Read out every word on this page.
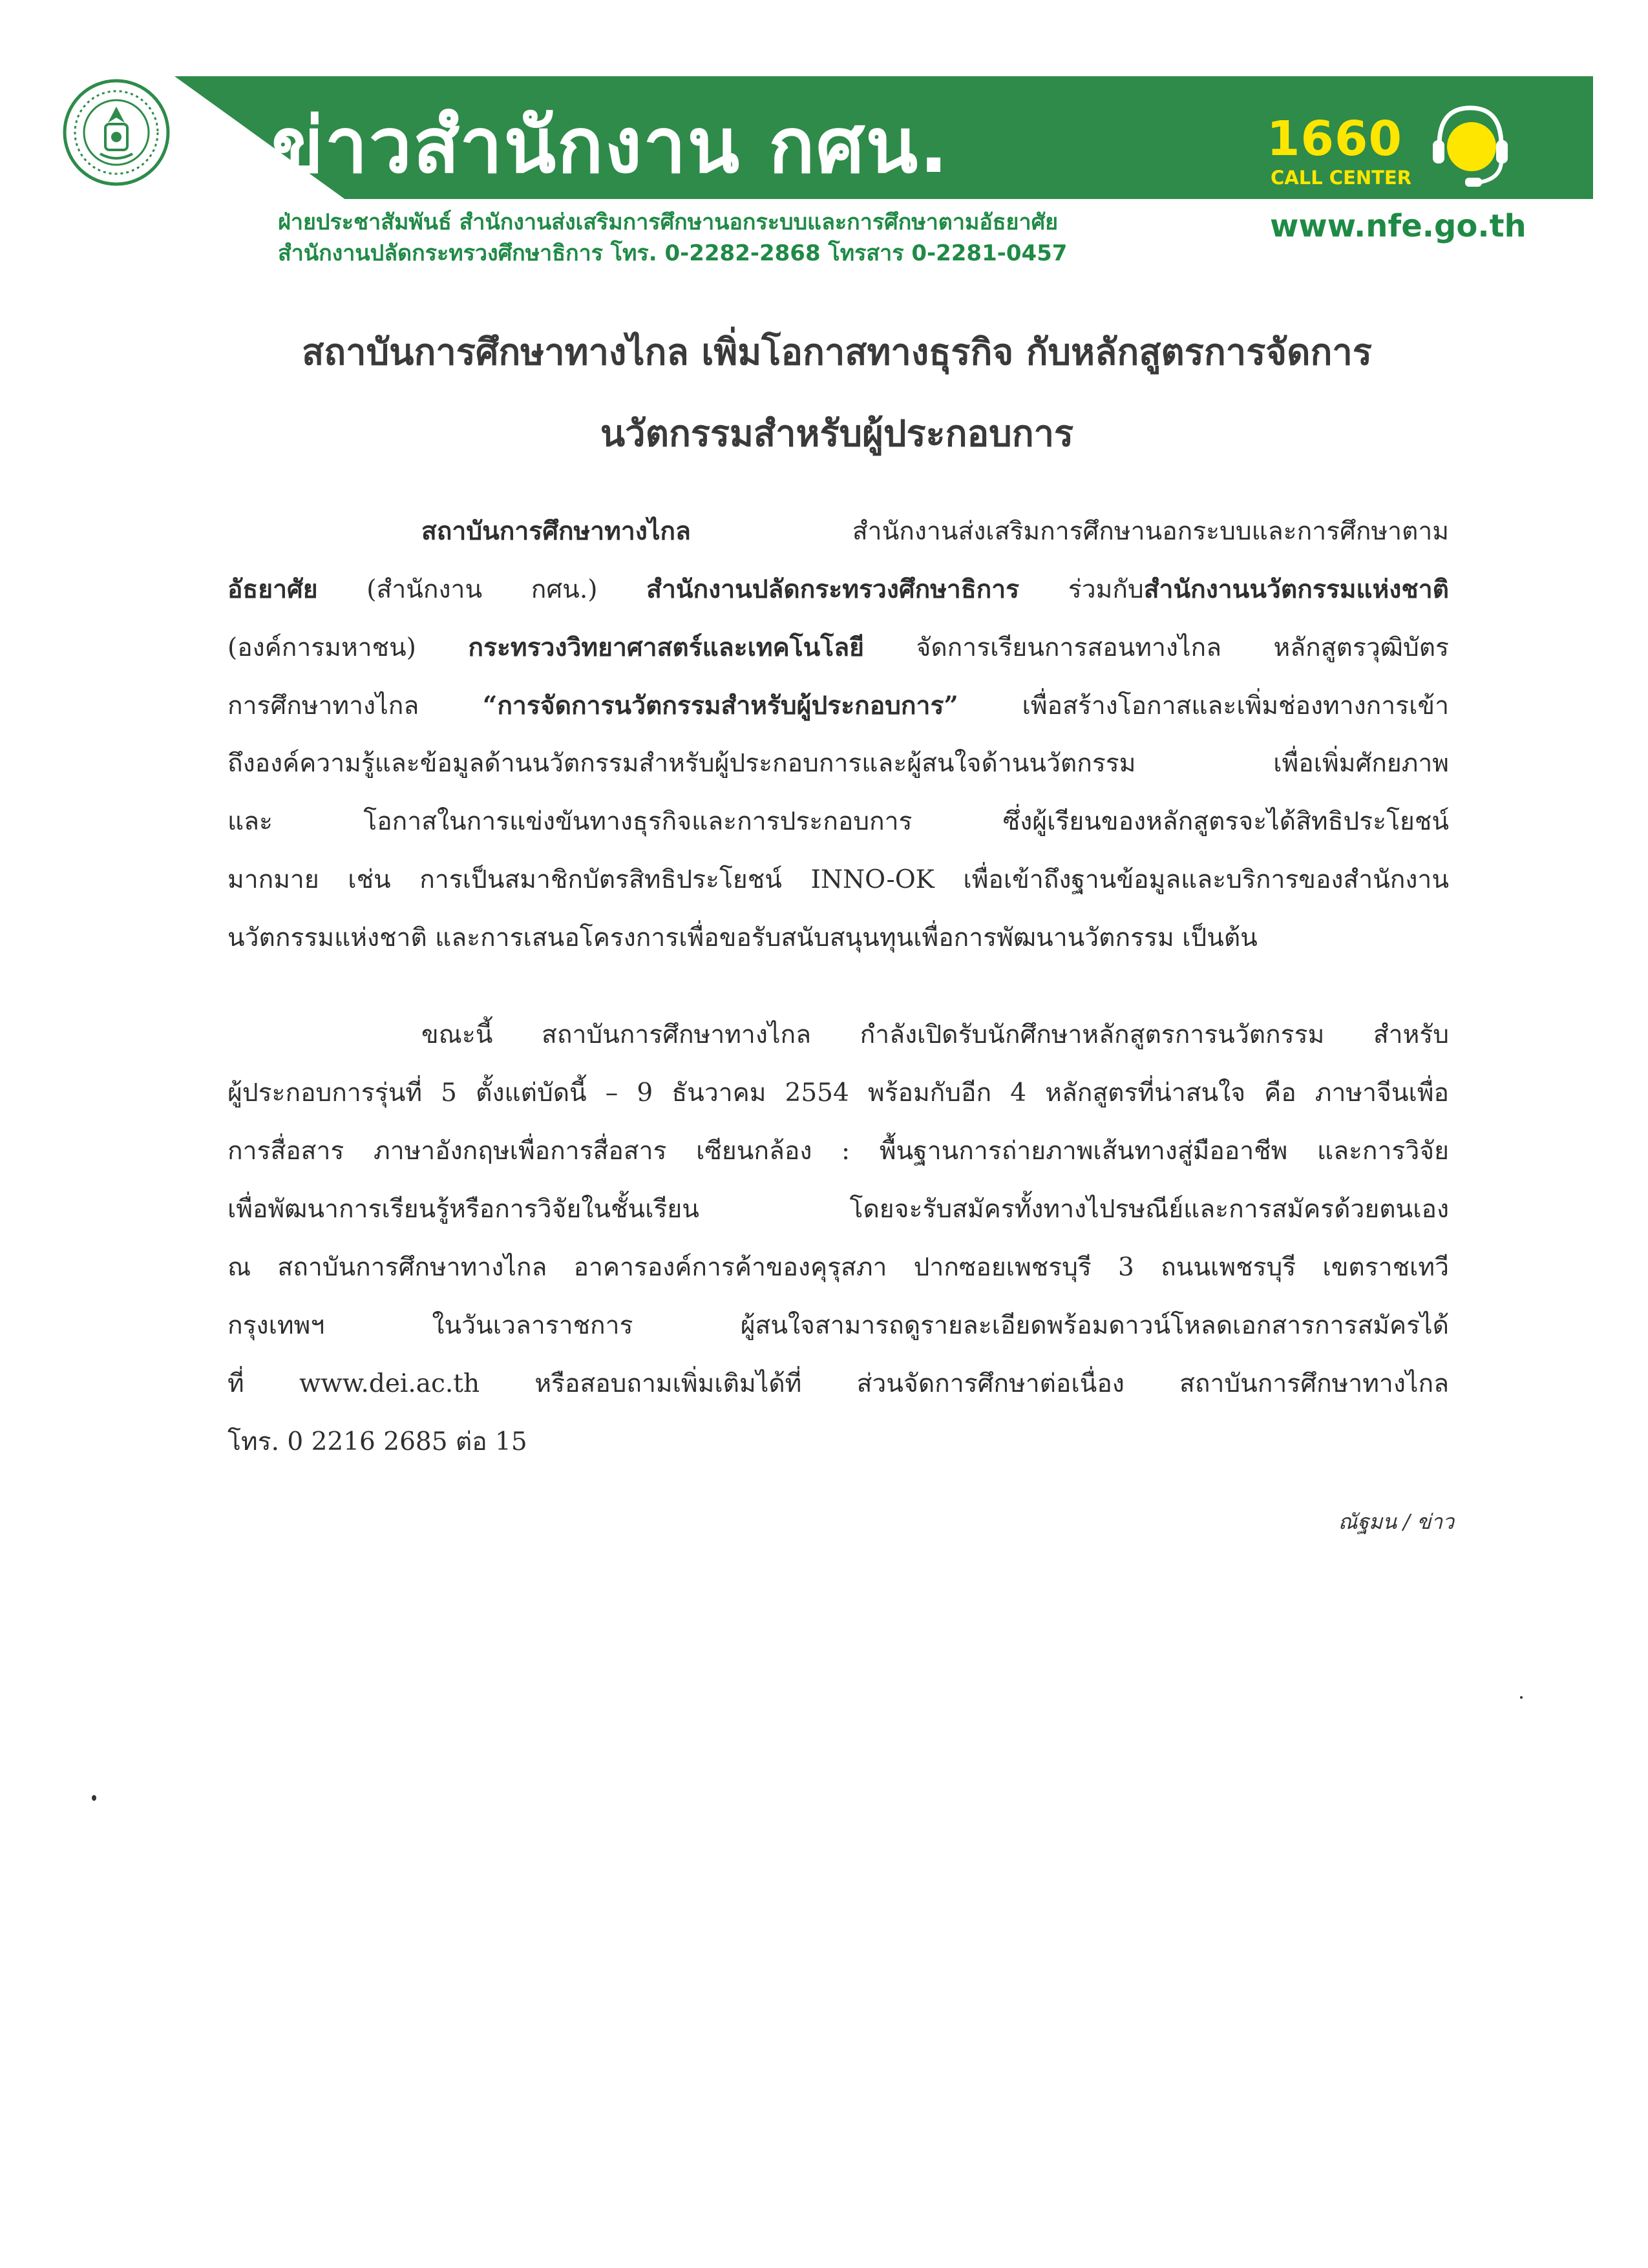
ข่าวสำนักงาน กศน.	1660
CALL CENTER
ฝ่ายประชาสัมพันธ์ สำนักงานส่งเสริมการศึกษานอกระบบและการศึกษาตามอัธยาศัย
สำนักงานปลัดกระทรวงศึกษาธิการ โทร. 0-2282-2868 โทรสาร 0-2281-0457
www.nfe.go.th
สถาบันการศึกษาทางไกล เพิ่มโอกาสทางธุรกิจ กับหลักสูตรการจัดการ
นวัตกรรมสำหรับผู้ประกอบการ
สถาบันการศึกษาทางไกล สำนักงานส่งเสริมการศึกษานอกระบบและการศึกษาตาม
อัธยาศัย (สำนักงาน กศน.) สำนักงานปลัดกระทรวงศึกษาธิการ ร่วมกับสำนักงานนวัตกรรมแห่งชาติ
(องค์การมหาชน) กระทรวงวิทยาศาสตร์และเทคโนโลยี จัดการเรียนการสอนทางไกล หลักสูตรวุฒิบัตร
การศึกษาทางไกล “การจัดการนวัตกรรมสำหรับผู้ประกอบการ” เพื่อสร้างโอกาสและเพิ่มช่องทางการเข้า
ถึงองค์ความรู้และข้อมูลด้านนวัตกรรมสำหรับผู้ประกอบการและผู้สนใจด้านนวัตกรรม เพื่อเพิ่มศักยภาพ
และ โอกาสในการแข่งขันทางธุรกิจและการประกอบการ ซึ่งผู้เรียนของหลักสูตรจะได้สิทธิประโยชน์
มากมาย เช่น การเป็นสมาชิกบัตรสิทธิประโยชน์ INNO-OK เพื่อเข้าถึงฐานข้อมูลและบริการของสำนักงาน
นวัตกรรมแห่งชาติ และการเสนอโครงการเพื่อขอรับสนับสนุนทุนเพื่อการพัฒนานวัตกรรม เป็นต้น
ขณะนี้ สถาบันการศึกษาทางไกล กำลังเปิดรับนักศึกษาหลักสูตรการนวัตกรรม สำหรับ
ผู้ประกอบการรุ่นที่ 5 ตั้งแต่บัดนี้ – 9 ธันวาคม 2554 พร้อมกับอีก 4 หลักสูตรที่น่าสนใจ คือ ภาษาจีนเพื่อ
การสื่อสาร ภาษาอังกฤษเพื่อการสื่อสาร เซียนกล้อง : พื้นฐานการถ่ายภาพเส้นทางสู่มืออาชีพ และการวิจัย
เพื่อพัฒนาการเรียนรู้หรือการวิจัยในชั้นเรียน โดยจะรับสมัครทั้งทางไปรษณีย์และการสมัครด้วยตนเอง
ณ สถาบันการศึกษาทางไกล อาคารองค์การค้าของคุรุสภา ปากซอยเพชรบุรี 3 ถนนเพชรบุรี เขตราชเทวี
กรุงเทพฯ ในวันเวลาราชการ ผู้สนใจสามารถดูรายละเอียดพร้อมดาวน์โหลดเอกสารการสมัครได้
ที่ www.dei.ac.th หรือสอบถามเพิ่มเติมได้ที่ ส่วนจัดการศึกษาต่อเนื่อง สถาบันการศึกษาทางไกล
โทร. 0 2216 2685 ต่อ 15
ณัฐมน / ข่าว
